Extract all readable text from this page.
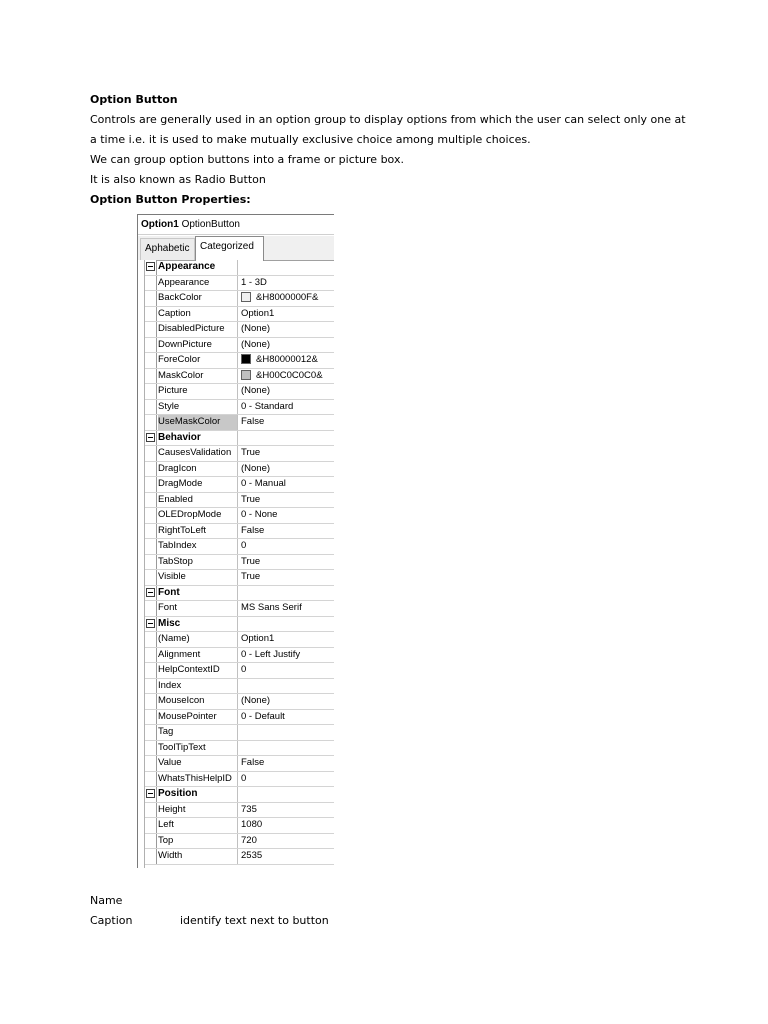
Option Button
Controls are generally used in an option group to display options from which the user can select only one at
a time i.e. it is used to make mutually exclusive choice among multiple choices.
We can group option buttons into a frame or picture box.
It is also known as Radio Button
Option Button Properties:
Option1 OptionButton
Aphabetic	Categorized
Appearance
Appearance	1 - 3D
BackColor	&H8000000F&
Caption	Option1
DisabledPicture	(None)
DownPicture	(None)
ForeColor	&H80000012&
MaskColor	&H00C0C0C0&
Picture	(None)
Style	0 - Standard
UseMaskColor	False
Behavior
CausesValidation	True
DragIcon	(None)
DragMode	0 - Manual
Enabled	True
OLEDropMode	0 - None
RightToLeft	False
TabIndex	0
TabStop	True
Visible	True
Font
Font	MS Sans Serif
Misc
(Name)	Option1
Alignment	0 - Left Justify
HelpContextID	0
Index
MouseIcon	(None)
MousePointer	0 - Default
Tag
ToolTipText
Value	False
WhatsThisHelpID 0
Position
Height	735
Left	1080
Top	720
Width	2535
Name
Caption	identify text next to button
